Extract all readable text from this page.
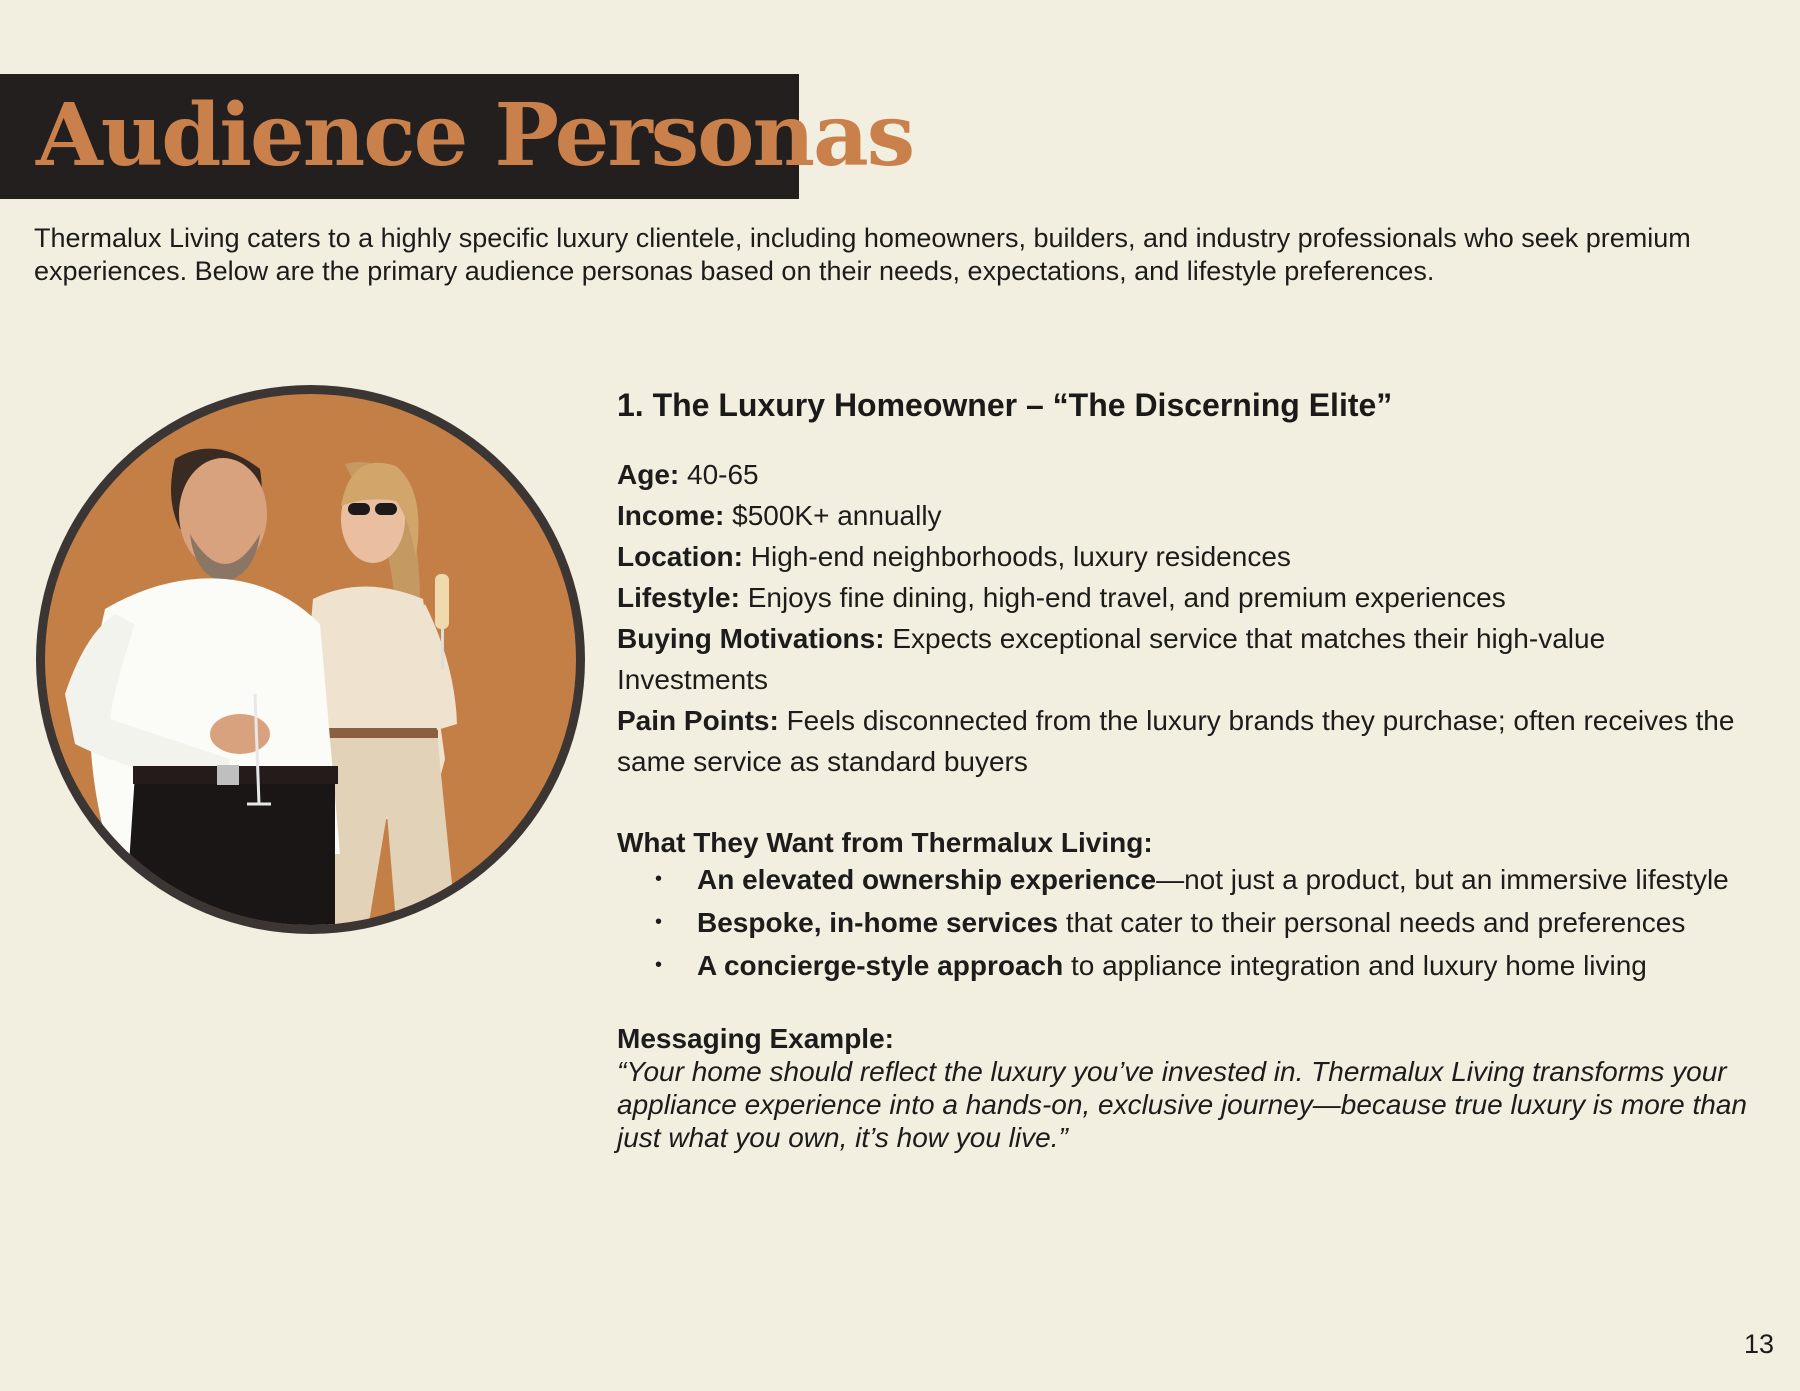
Audience Personas

Thermalux Living caters to a highly specific luxury clientele, including homeowners, builders, and industry professionals who seek premium experiences. Below are the primary audience personas based on their needs, expectations, and lifestyle preferences.

1. The Luxury Homeowner – “The Discerning Elite”
Age: 40-65
Income: $500K+ annually
Location: High-end neighborhoods, luxury residences
Lifestyle: Enjoys fine dining, high-end travel, and premium experiences
Buying Motivations: Expects exceptional service that matches their high-value Investments
Pain Points: Feels disconnected from the luxury brands they purchase; often receives the same service as standard buyers
What They Want from Thermalux Living:
• An elevated ownership experience—not just a product, but an immersive lifestyle
• Bespoke, in-home services that cater to their personal needs and preferences
• A concierge-style approach to appliance integration and luxury home living
Messaging Example:

“Your home should reflect the luxury you’ve invested in. Thermalux Living transforms your appliance experience into a hands-on, exclusive journey—because true luxury is more than just what you own, it’s how you live.”

13
